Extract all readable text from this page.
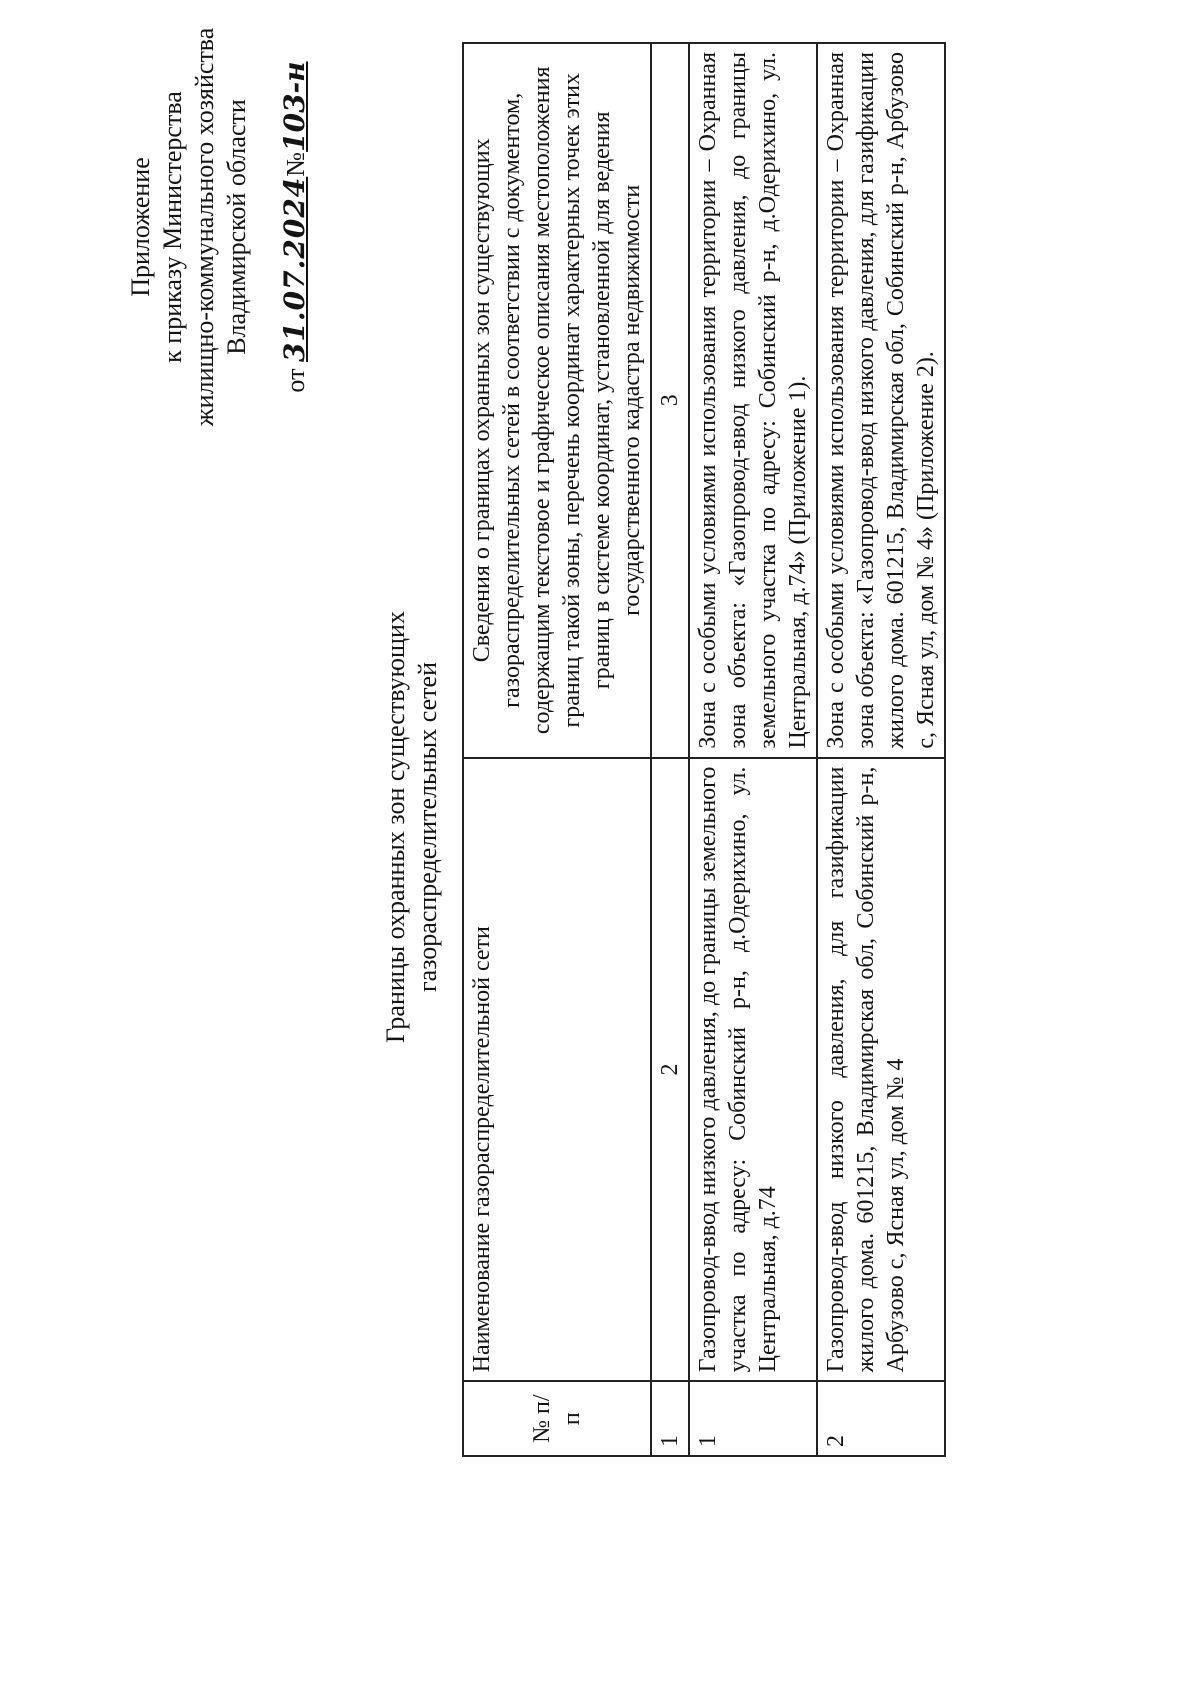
Приложение к приказу Министерства жилищно-коммунального хозяйства Владимирской области
от 31.07.2024№103-н
Границы охранных зон существующих газораспределительных сетей
№ п/п	Наименование газораспределительной сети	Сведения о границах охранных зон существующих газораспределительных сетей в соответствии с документом, содержащим текстовое и графическое описания местоположения границ такой зоны, перечень координат характерных точек этих границ в системе координат, установленной для ведения государственного кадастра недвижимости
1	2	3
1	Газопровод-ввод низкого давления, до границы земельного участка по адресу: Собинский р-н, д.Одерихино, ул. Центральная, д.74	Зона с особыми условиями использования территории – Охранная зона объекта: «Газопровод-ввод низкого давления, до границы земельного участка по адресу: Собинский р-н, д.Одерихино, ул. Центральная, д.74» (Приложение 1).
2	Газопровод-ввод низкого давления, для газификации жилого дома. 601215, Владимирская обл, Собинский р-н, Арбузово с, Ясная ул, дом № 4	Зона с особыми условиями использования территории – Охранная зона объекта: «Газопровод-ввод низкого давления, для газификации жилого дома. 601215, Владимирская обл, Собинский р-н, Арбузово с, Ясная ул, дом № 4» (Приложение 2).
